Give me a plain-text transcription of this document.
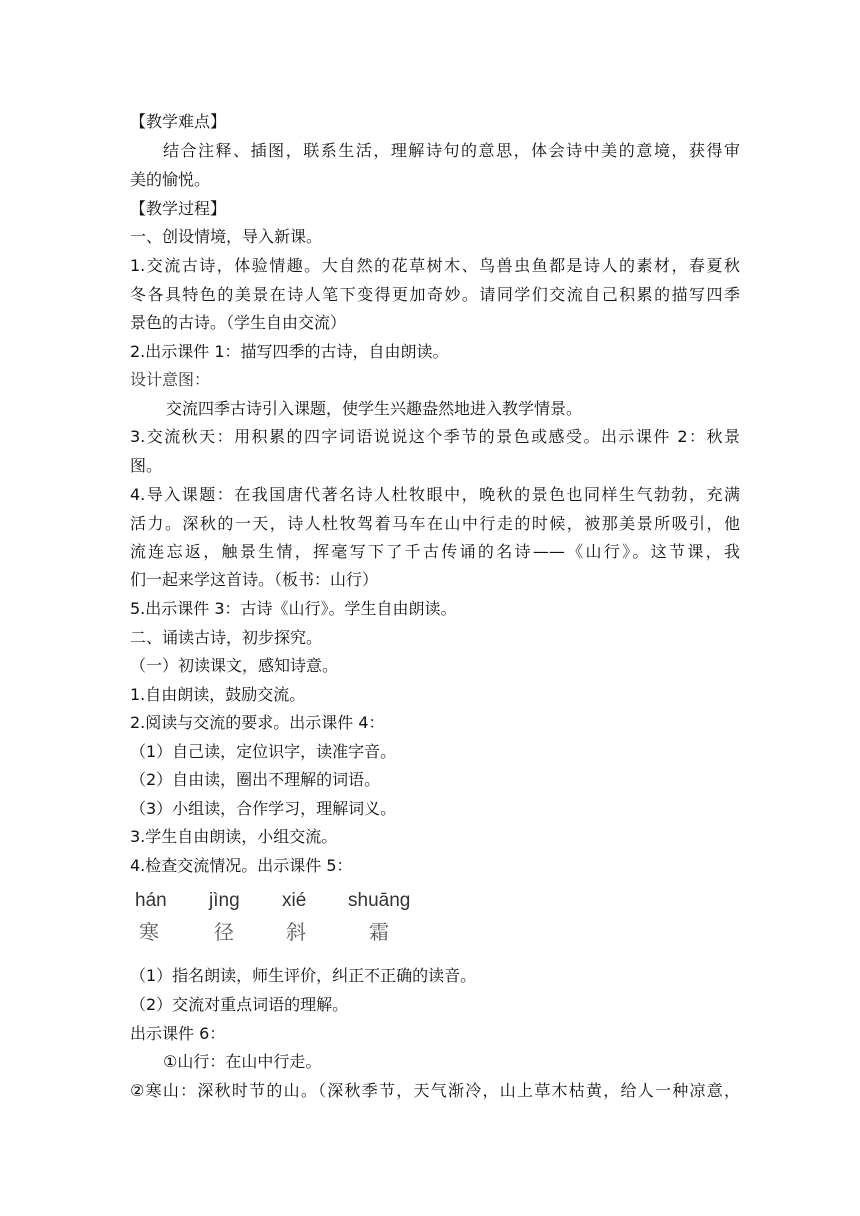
【教学难点】
结合注释、插图，联系生活，理解诗句的意思，体会诗中美的意境，获得审
美的愉悦。
【教学过程】
一、创设情境，导入新课。
1.交流古诗，体验情趣。大自然的花草树木、鸟兽虫鱼都是诗人的素材，春夏秋
冬各具特色的美景在诗人笔下变得更加奇妙。请同学们交流自己积累的描写四季
景色的古诗。（学生自由交流）
2.出示课件 1：描写四季的古诗，自由朗读。
设计意图：
交流四季古诗引入课题，使学生兴趣盎然地进入教学情景。
3.交流秋天：用积累的四字词语说说这个季节的景色或感受。出示课件 2：秋景
图。
4.导入课题：在我国唐代著名诗人杜牧眼中，晚秋的景色也同样生气勃勃，充满
活力。深秋的一天，诗人杜牧驾着马车在山中行走的时候，被那美景所吸引，他
流连忘返，触景生情，挥毫写下了千古传诵的名诗——《山行》。这节课，我
们一起来学这首诗。（板书：山行）
5.出示课件 3：古诗《山行》。学生自由朗读。
二、诵读古诗，初步探究。
（一）初读课文，感知诗意。
1.自由朗读，鼓励交流。
2.阅读与交流的要求。出示课件 4：
（1）自己读，定位识字，读准字音。
（2）自由读，圈出不理解的词语。
（3）小组读，合作学习，理解词义。
3.学生自由朗读，小组交流。
4.检查交流情况。出示课件 5：
hán
寒
jìng
径
xié
斜
shuāng
霜
（1）指名朗读，师生评价，纠正不正确的读音。
（2）交流对重点词语的理解。
出示课件 6：
①山行：在山中行走。
②寒山：深秋时节的山。（深秋季节，天气渐冷，山上草木枯黄，给人一种凉意，
